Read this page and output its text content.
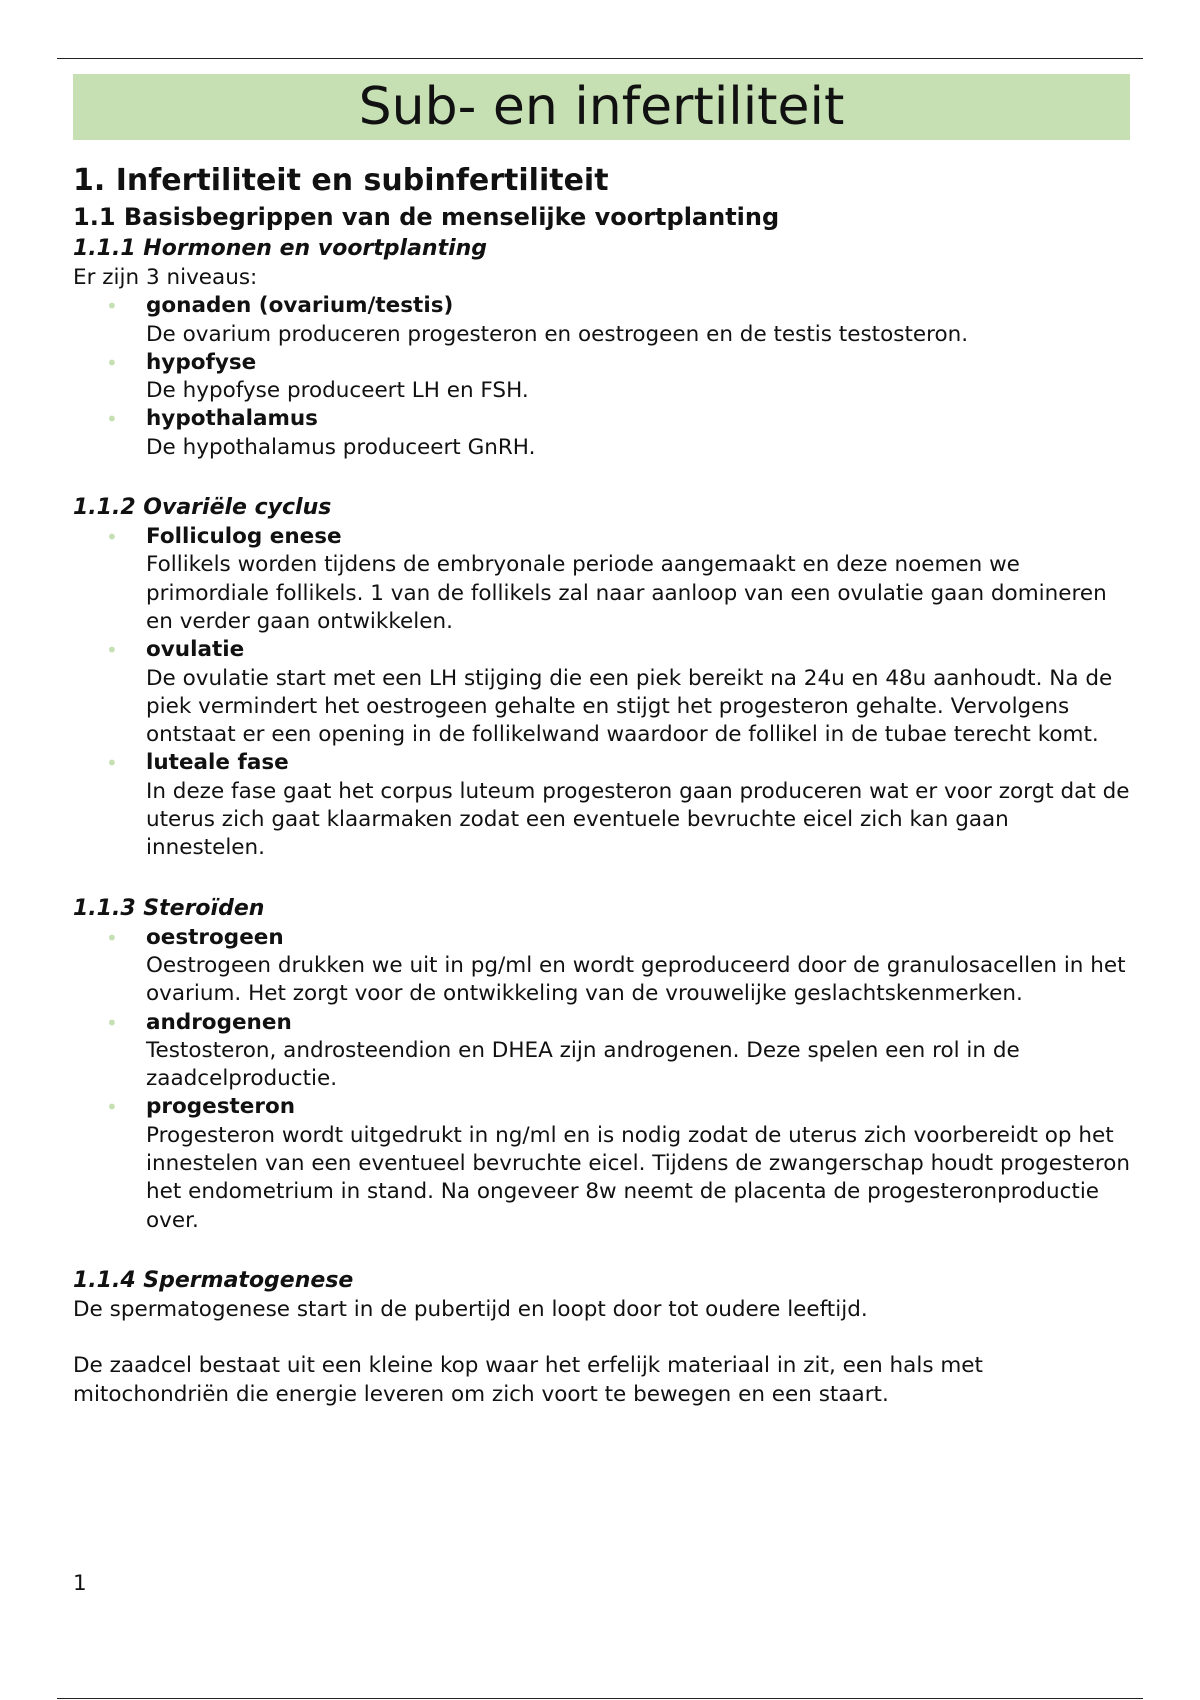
Sub- en infertiliteit
1. Infertiliteit en subinfertiliteit
1.1 Basisbegrippen van de menselijke voortplanting
1.1.1 Hormonen en voortplanting
Er zijn 3 niveaus:
• gonaden (ovarium/testis)
De ovarium produceren progesteron en oestrogeen en de testis testosteron.
• hypofyse
De hypofyse produceert LH en FSH.
• hypothalamus
De hypothalamus produceert GnRH.
1.1.2 Ovariële cyclus
• Folliculog enese
Follikels worden tijdens de embryonale periode aangemaakt en deze noemen we primordiale follikels. 1 van de follikels zal naar aanloop van een ovulatie gaan domineren en verder gaan ontwikkelen.
• ovulatie
De ovulatie start met een LH stijging die een piek bereikt na 24u en 48u aanhoudt. Na de piek vermindert het oestrogeen gehalte en stijgt het progesteron gehalte. Vervolgens ontstaat er een opening in de follikelwand waardoor de follikel in de tubae terecht komt.
• luteale fase
In deze fase gaat het corpus luteum progesteron gaan produceren wat er voor zorgt dat de uterus zich gaat klaarmaken zodat een eventuele bevruchte eicel zich kan gaan innestelen.
1.1.3 Steroïden
• oestrogeen
Oestrogeen drukken we uit in pg/ml en wordt geproduceerd door de granulosacellen in het ovarium. Het zorgt voor de ontwikkeling van de vrouwelijke geslachtskenmerken.
• androgenen
Testosteron, androsteendion en DHEA zijn androgenen. Deze spelen een rol in de zaadcelproductie.
• progesteron
Progesteron wordt uitgedrukt in ng/ml en is nodig zodat de uterus zich voorbereidt op het innestelen van een eventueel bevruchte eicel. Tijdens de zwangerschap houdt progesteron het endometrium in stand. Na ongeveer 8w neemt de placenta de progesteronproductie over.
1.1.4 Spermatogenese
De spermatogenese start in de pubertijd en loopt door tot oudere leeftijd.
De zaadcel bestaat uit een kleine kop waar het erfelijk materiaal in zit, een hals met mitochondriën die energie leveren om zich voort te bewegen en een staart.
1
